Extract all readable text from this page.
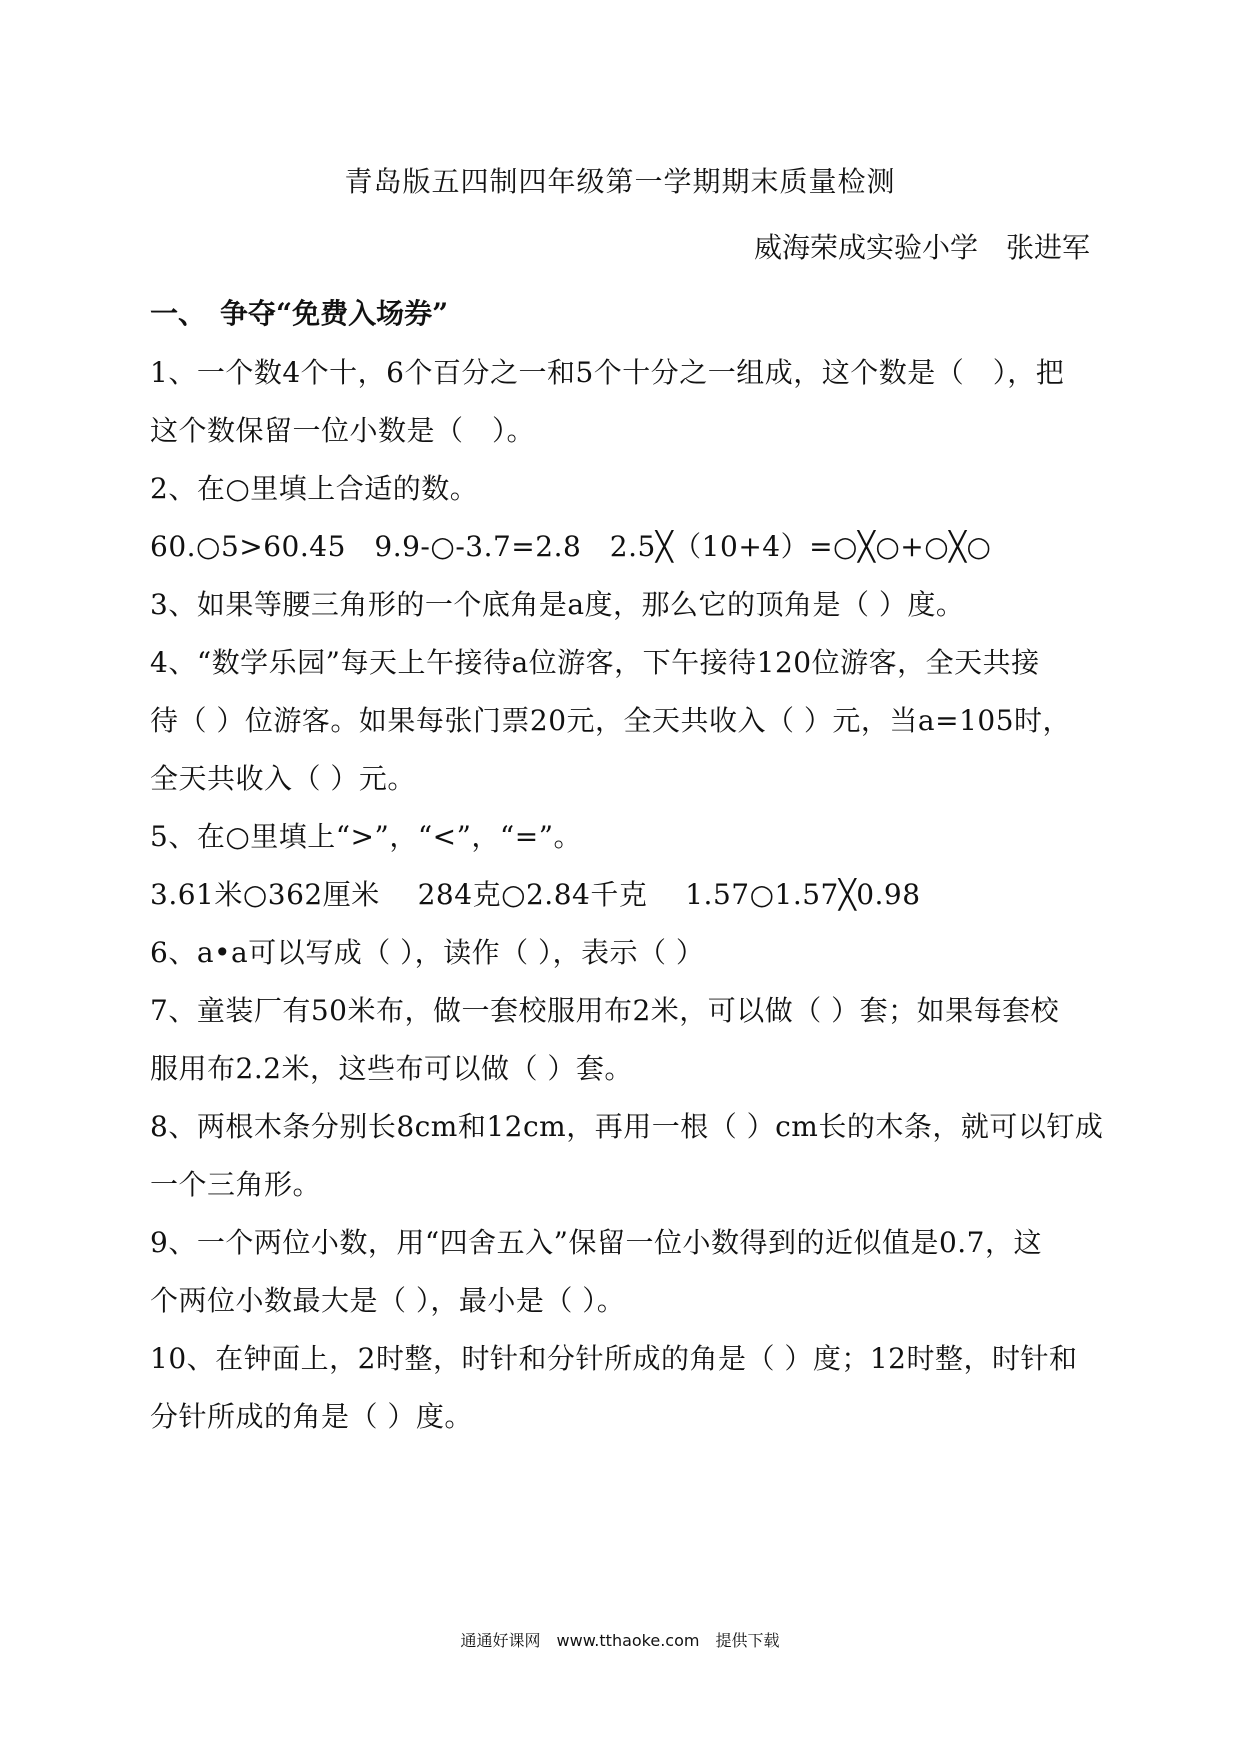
青岛版五四制四年级第一学期期末质量检测
威海荣成实验小学　张进军
一、　争夺“免费入场券”
1、一个数4个十，6个百分之一和5个十分之一组成，这个数是（　），把
这个数保留一位小数是（　）。
2、在○里填上合适的数。
60.○5>60.45　9.9-○-3.7=2.8　2.5╳（10+4）=○╳○+○╳○
3、如果等腰三角形的一个底角是a度，那么它的顶角是（ ）度。
4、“数学乐园”每天上午接待a位游客，下午接待120位游客，全天共接
待（ ）位游客。如果每张门票20元，全天共收入（ ）元，当a=105时，
全天共收入（ ）元。
5、在○里填上“>”，“<”，“=”。
3.61米○362厘米　 284克○2.84千克　 1.57○1.57╳0.98
6、a•a可以写成（ ），读作（ ），表示（ ）
7、童装厂有50米布，做一套校服用布2米，可以做（ ）套；如果每套校
服用布2.2米，这些布可以做（ ）套。
8、两根木条分别长8cm和12cm，再用一根（ ）cm长的木条，就可以钉成
一个三角形。
9、一个两位小数，用“四舍五入”保留一位小数得到的近似值是0.7，这
个两位小数最大是（ ），最小是（ ）。
10、在钟面上，2时整，时针和分针所成的角是（ ）度；12时整，时针和
分针所成的角是（ ）度。
通通好课网　www.tthaoke.com　提供下载
